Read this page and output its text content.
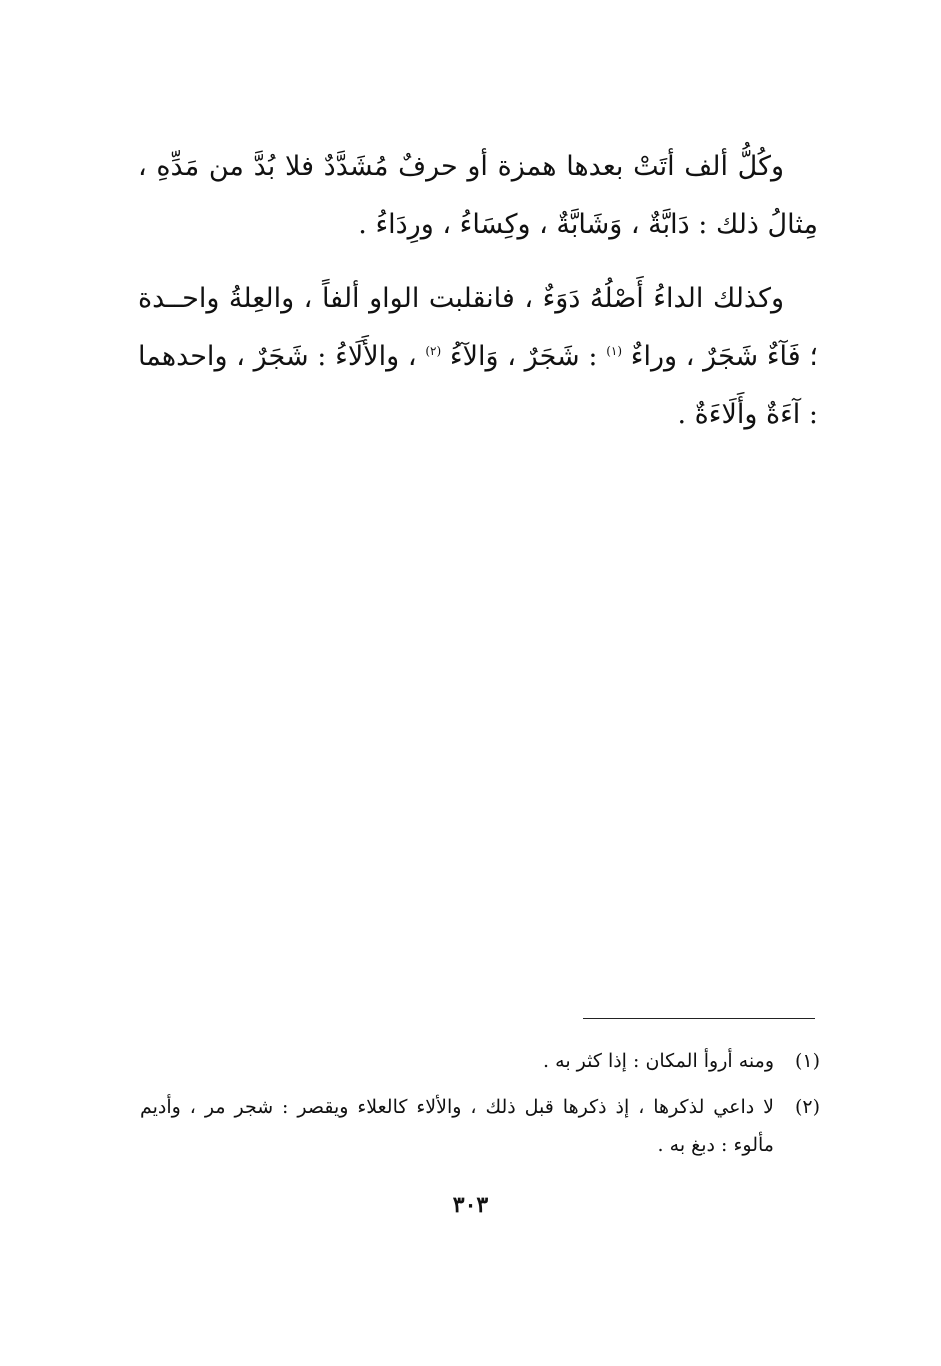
وكُلُّ ألف أتَتْ بعدها همزة أو حرفٌ مُشَدَّدٌ فلا بُدَّ من مَدِّهِ ، مِثالُ ذلك : دَابَّةٌ ، وَشَابَّةٌ ، وكِسَاءُ ، ورِدَاءُ .

وكذلك الداءُ أَصْلُهُ دَوَءٌ ، فانقلبت الواو ألفاً ، والعِلةُ واحــدة ؛ فَآءٌ شَجَرٌ ، وراءٌ $^{(١)}$ : شَجَرٌ ، وَالآءُ $^{(٢)}$ ، والأَلَاءُ : شَجَرٌ ، واحدهما : آءَةٌ وأَلَاءَةٌ .

(١)
ومنه أروأ المكان : إذا كثر به .
(٢)
لا داعي لذكرها ، إذ ذكرها قبل ذلك ، والألاء كالعلاء ويقصر : شجر مر ، وأديم مألوء : دبغ به .
٣٠٣
